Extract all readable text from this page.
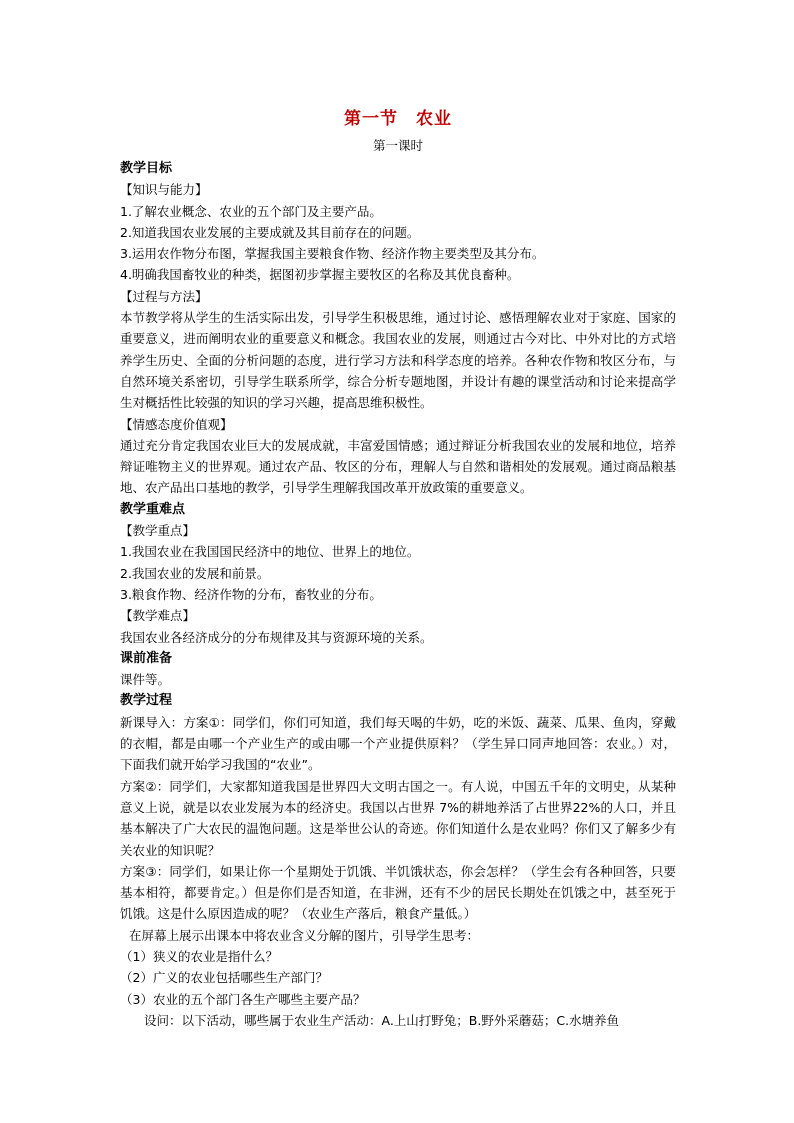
第一节　农业
第一课时
教学目标
【知识与能力】
1.了解农业概念、农业的五个部门及主要产品。
2.知道我国农业发展的主要成就及其目前存在的问题。
3.运用农作物分布图，掌握我国主要粮食作物、经济作物主要类型及其分布。
4.明确我国畜牧业的种类，据图初步掌握主要牧区的名称及其优良畜种。
【过程与方法】
本节教学将从学生的生活实际出发，引导学生积极思维，通过讨论、感悟理解农业对于家庭、国家的重要意义，进而阐明农业的重要意义和概念。我国农业的发展，则通过古今对比、中外对比的方式培养学生历史、全面的分析问题的态度，进行学习方法和科学态度的培养。各种农作物和牧区分布，与自然环境关系密切，引导学生联系所学，综合分析专题地图，并设计有趣的课堂活动和讨论来提高学生对概括性比较强的知识的学习兴趣，提高思维积极性。
【情感态度价值观】
通过充分肯定我国农业巨大的发展成就，丰富爱国情感；通过辩证分析我国农业的发展和地位，培养辩证唯物主义的世界观。通过农产品、牧区的分布，理解人与自然和谐相处的发展观。通过商品粮基地、农产品出口基地的教学，引导学生理解我国改革开放政策的重要意义。
教学重难点
【教学重点】
1.我国农业在我国国民经济中的地位、世界上的地位。
2.我国农业的发展和前景。
3.粮食作物、经济作物的分布，畜牧业的分布。
【教学难点】
我国农业各经济成分的分布规律及其与资源环境的关系。
课前准备
课件等。
教学过程
新课导入：方案①：同学们，你们可知道，我们每天喝的牛奶，吃的米饭、蔬菜、瓜果、鱼肉，穿戴的衣帽，都是由哪一个产业生产的或由哪一个产业提供原料？（学生异口同声地回答：农业。）对，下面我们就开始学习我国的“农业”。
方案②：同学们，大家都知道我国是世界四大文明古国之一。有人说，中国五千年的文明史，从某种意义上说，就是以农业发展为本的经济史。我国以占世界 7%的耕地养活了占世界22%的人口，并且基本解决了广大农民的温饱问题。这是举世公认的奇迹。你们知道什么是农业吗？你们又了解多少有关农业的知识呢？
方案③：同学们，如果让你一个星期处于饥饿、半饥饿状态，你会怎样？（学生会有各种回答，只要基本相符，都要肯定。）但是你们是否知道，在非洲，还有不少的居民长期处在饥饿之中，甚至死于饥饿。这是什么原因造成的呢？（农业生产落后，粮食产量低。）
在屏幕上展示出课本中将农业含义分解的图片，引导学生思考：
（1）狭义的农业是指什么？
（2）广义的农业包括哪些生产部门？
（3）农业的五个部门各生产哪些主要产品？
设问：以下活动，哪些属于农业生产活动：A.上山打野兔；B.野外采蘑菇；C.水塘养鱼
